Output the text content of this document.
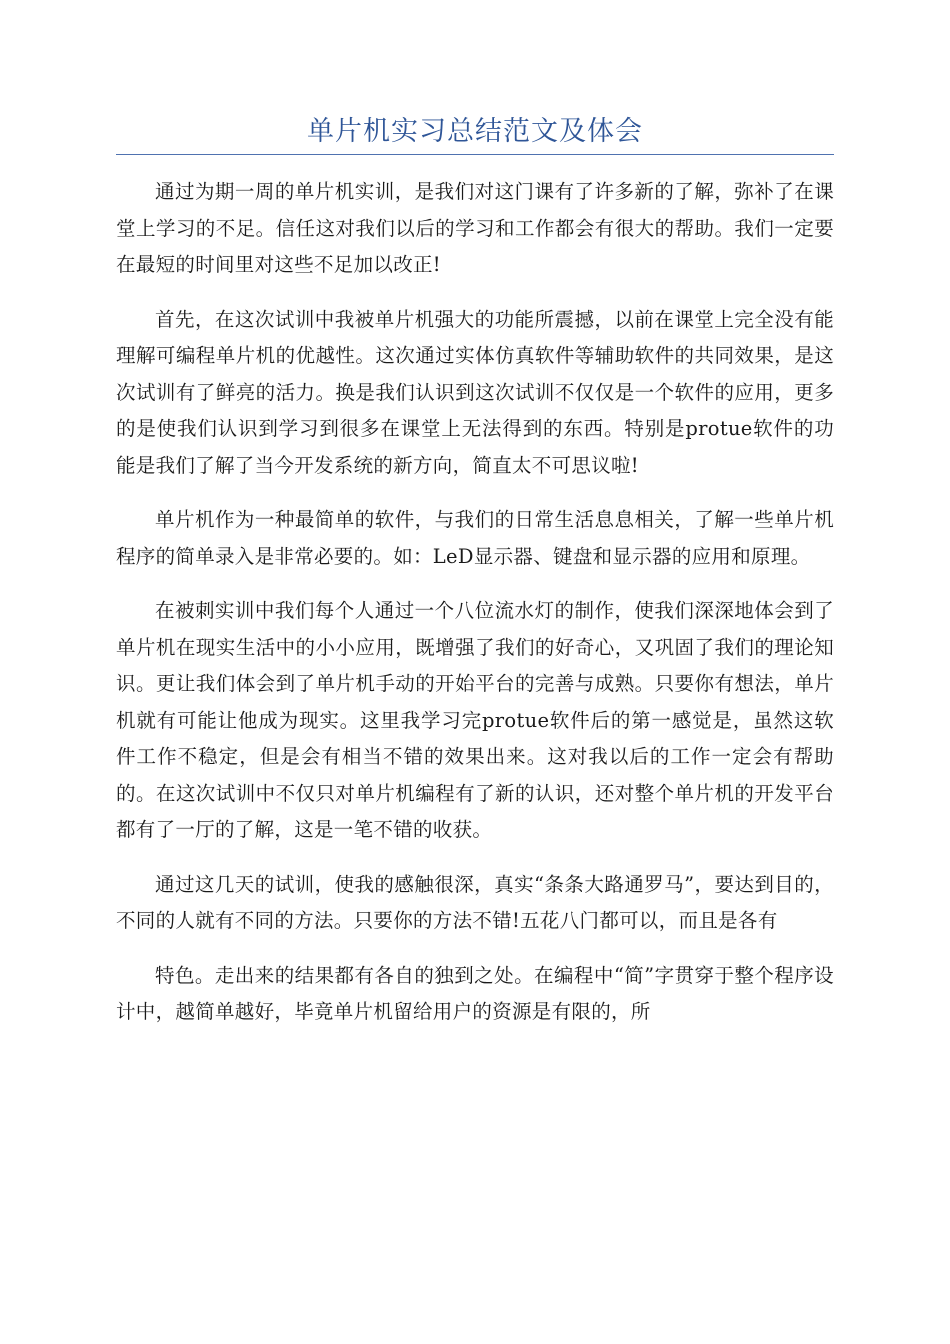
单片机实习总结范文及体会

通过为期一周的单片机实训，是我们对这门课有了许多新的了解，弥补了在课堂上学习的不足。信任这对我们以后的学习和工作都会有很大的帮助。我们一定要在最短的时间里对这些不足加以改正!

首先，在这次试训中我被单片机强大的功能所震撼，以前在课堂上完全没有能理解可编程单片机的优越性。这次通过实体仿真软件等辅助软件的共同效果，是这次试训有了鲜亮的活力。换是我们认识到这次试训不仅仅是一个软件的应用，更多的是使我们认识到学习到很多在课堂上无法得到的东西。特别是protue软件的功能是我们了解了当今开发系统的新方向，简直太不可思议啦!

单片机作为一种最简单的软件，与我们的日常生活息息相关，了解一些单片机程序的简单录入是非常必要的。如：LeD显示器、键盘和显示器的应用和原理。

在被刺实训中我们每个人通过一个八位流水灯的制作，使我们深深地体会到了单片机在现实生活中的小小应用，既增强了我们的好奇心，又巩固了我们的理论知识。更让我们体会到了单片机手动的开始平台的完善与成熟。只要你有想法，单片机就有可能让他成为现实。这里我学习完protue软件后的第一感觉是，虽然这软件工作不稳定，但是会有相当不错的效果出来。这对我以后的工作一定会有帮助的。在这次试训中不仅只对单片机编程有了新的认识，还对整个单片机的开发平台都有了一厅的了解，这是一笔不错的收获。

通过这几天的试训，使我的感触很深，真实“条条大路通罗马”，要达到目的，不同的人就有不同的方法。只要你的方法不错!五花八门都可以，而且是各有

特色。走出来的结果都有各自的独到之处。在编程中“简”字贯穿于整个程序设计中，越简单越好，毕竟单片机留给用户的资源是有限的，所
